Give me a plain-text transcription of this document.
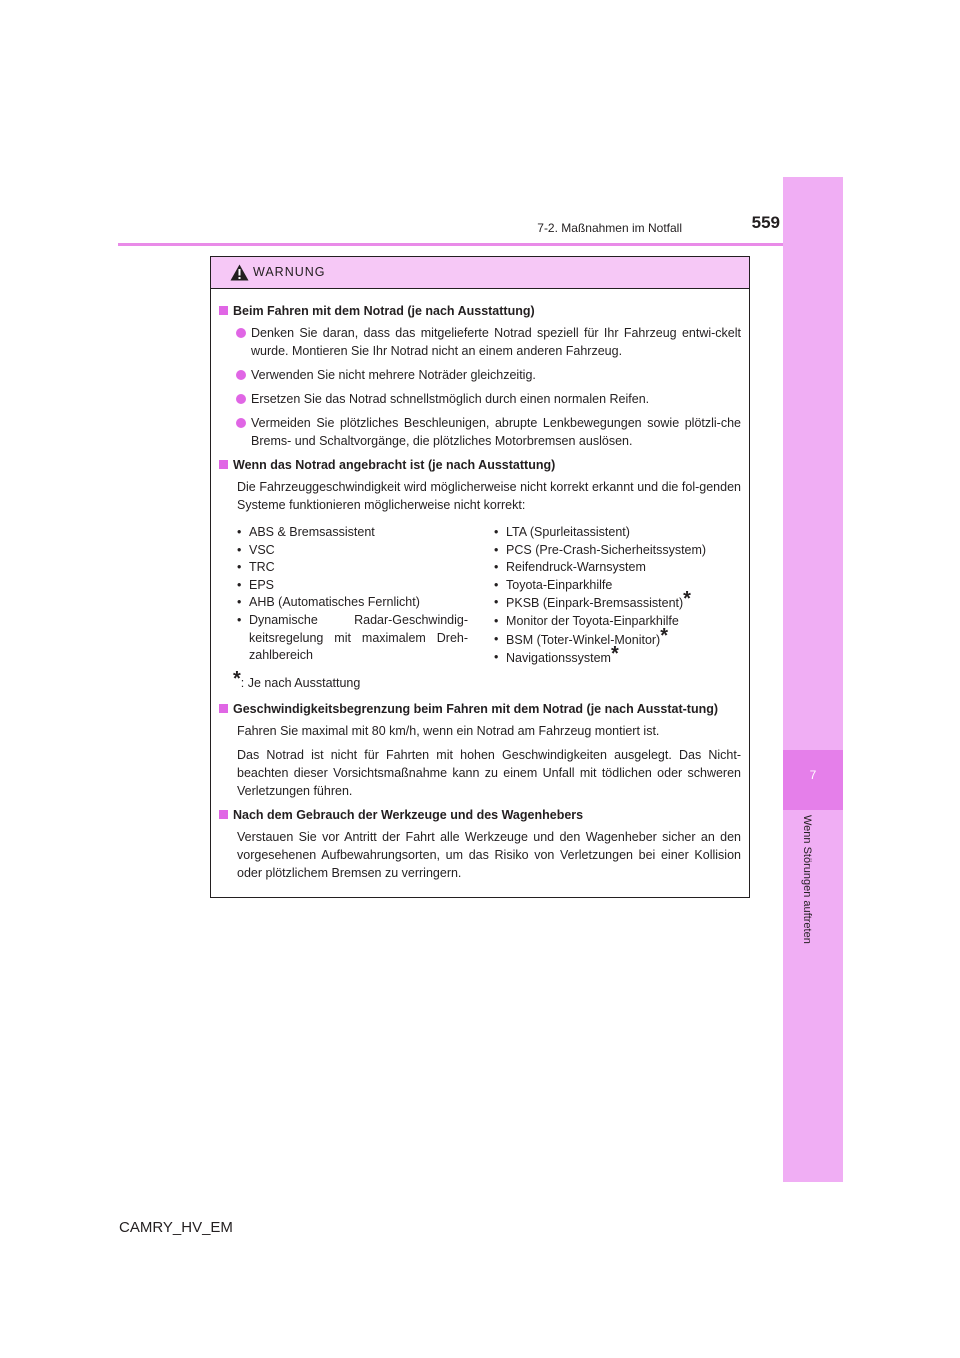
7
Wenn Störungen auftreten
559
7-2. Maßnahmen im Notfall
WARNUNG
Beim Fahren mit dem Notrad (je nach Ausstattung)
Denken Sie daran, dass das mitgelieferte Notrad speziell für Ihr Fahrzeug entwi-ckelt wurde. Montieren Sie Ihr Notrad nicht an einem anderen Fahrzeug.
Verwenden Sie nicht mehrere Noträder gleichzeitig.
Ersetzen Sie das Notrad schnellstmöglich durch einen normalen Reifen.
Vermeiden Sie plötzliches Beschleunigen, abrupte Lenkbewegungen sowie plötzli-che Brems- und Schaltvorgänge, die plötzliches Motorbremsen auslösen.
Wenn das Notrad angebracht ist (je nach Ausstattung)
Die Fahrzeuggeschwindigkeit wird möglicherweise nicht korrekt erkannt und die fol-genden Systeme funktionieren möglicherweise nicht korrekt:
• ABS & Bremsassistent
• VSC
• TRC
• EPS
• AHB (Automatisches Fernlicht)
• Dynamische Radar-Geschwindig-keitsregelung mit maximalem Dreh-zahlbereich
• LTA (Spurleitassistent)
• PCS (Pre-Crash-Sicherheitssystem)
• Reifendruck-Warnsystem
• Toyota-Einparkhilfe
• PKSB (Einpark-Bremsassistent)*
• Monitor der Toyota-Einparkhilfe
• BSM (Toter-Winkel-Monitor)*
• Navigationssystem*
*: Je nach Ausstattung
Geschwindigkeitsbegrenzung beim Fahren mit dem Notrad (je nach Ausstat-tung)
Fahren Sie maximal mit 80 km/h, wenn ein Notrad am Fahrzeug montiert ist.
Das Notrad ist nicht für Fahrten mit hohen Geschwindigkeiten ausgelegt. Das Nicht-beachten dieser Vorsichtsmaßnahme kann zu einem Unfall mit tödlichen oder schweren Verletzungen führen.
Nach dem Gebrauch der Werkzeuge und des Wagenhebers
Verstauen Sie vor Antritt der Fahrt alle Werkzeuge und den Wagenheber sicher an den vorgesehenen Aufbewahrungsorten, um das Risiko von Verletzungen bei einer Kollision oder plötzlichem Bremsen zu verringern.
CAMRY_HV_EM
